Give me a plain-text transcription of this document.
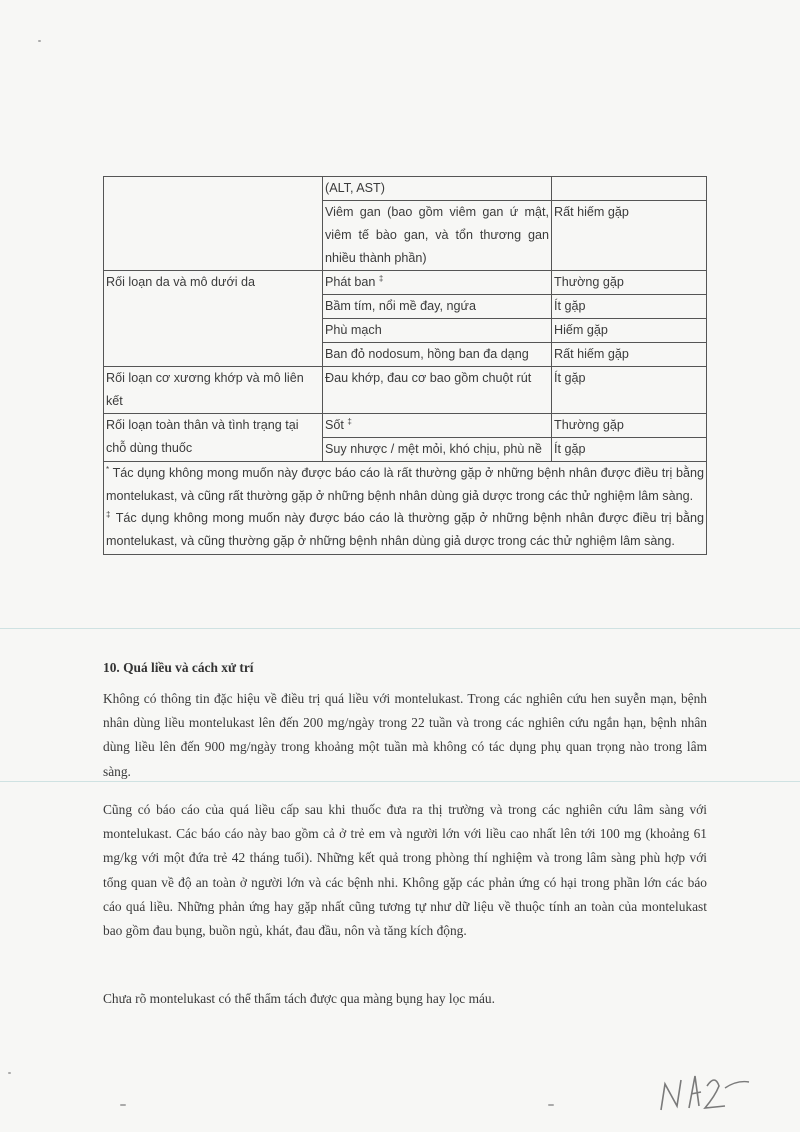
	(ALT, AST)	
	Viêm gan (bao gồm viêm gan ứ mật, viêm tế bào gan, và tổn thương gan nhiều thành phần)	Rất hiếm gặp
Rối loạn da và mô dưới da	Phát ban ‡	Thường gặp
	Bầm tím, nổi mề đay, ngứa	Ít gặp
	Phù mạch	Hiếm gặp
	Ban đỏ nodosum, hồng ban đa dạng	Rất hiếm gặp
Rối loạn cơ xương khớp và mô liên kết	Đau khớp, đau cơ bao gồm chuột rút	Ít gặp
Rối loạn toàn thân và tình trạng tại chỗ dùng thuốc	Sốt ‡	Thường gặp
	Suy nhược / mệt mỏi, khó chịu, phù nề	Ít gặp

* Tác dụng không mong muốn này được báo cáo là rất thường gặp ở những bệnh nhân được điều trị bằng montelukast, và cũng rất thường gặp ở những bệnh nhân dùng giả dược trong các thử nghiệm lâm sàng.
‡ Tác dụng không mong muốn này được báo cáo là thường gặp ở những bệnh nhân được điều trị bằng montelukast, và cũng thường gặp ở những bệnh nhân dùng giả dược trong các thử nghiệm lâm sàng.		
10. Quá liều và cách xử trí
Không có thông tin đặc hiệu về điều trị quá liều với montelukast. Trong các nghiên cứu hen suyễn mạn, bệnh nhân dùng liều montelukast lên đến 200 mg/ngày trong 22 tuần và trong các nghiên cứu ngắn hạn, bệnh nhân dùng liều lên đến 900 mg/ngày trong khoảng một tuần mà không có tác dụng phụ quan trọng nào trong lâm sàng.
Cũng có báo cáo của quá liều cấp sau khi thuốc đưa ra thị trường và trong các nghiên cứu lâm sàng với montelukast. Các báo cáo này bao gồm cả ở trẻ em và người lớn với liều cao nhất lên tới 100 mg (khoảng 61 mg/kg với một đứa trẻ 42 tháng tuổi). Những kết quả trong phòng thí nghiệm và trong lâm sàng phù hợp với tổng quan về độ an toàn ở người lớn và các bệnh nhi. Không gặp các phản ứng có hại trong phần lớn các báo cáo quá liều. Những phản ứng hay gặp nhất cũng tương tự như dữ liệu về thuộc tính an toàn của montelukast bao gồm đau bụng, buồn ngủ, khát, đau đầu, nôn và tăng kích động.
Chưa rõ montelukast có thể thẩm tách được qua màng bụng hay lọc máu.
